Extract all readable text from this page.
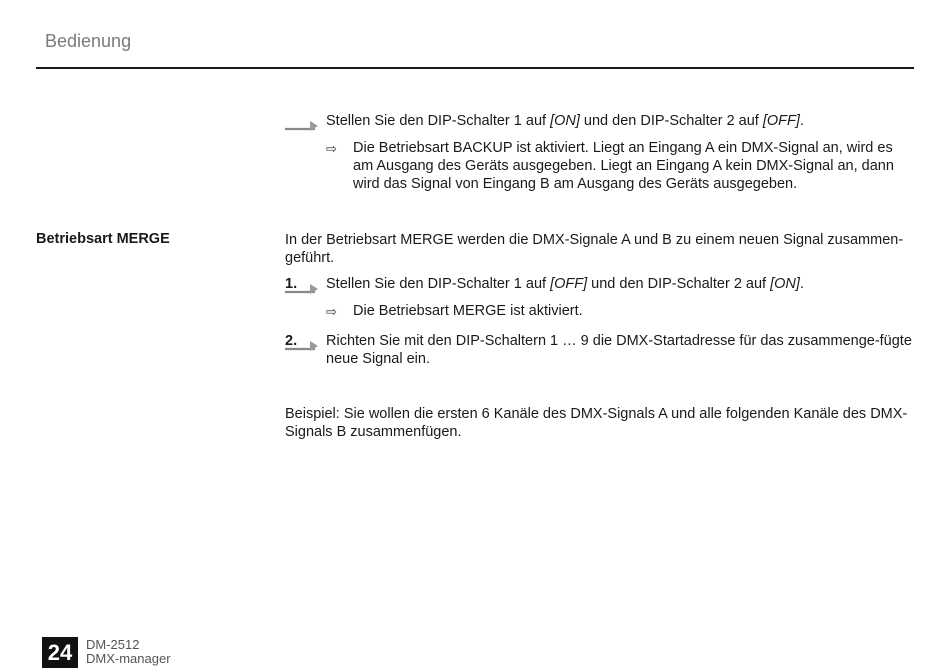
Bedienung
Stellen Sie den DIP-Schalter 1 auf [ON] und den DIP-Schalter 2 auf [OFF].
⇨ Die Betriebsart BACKUP ist aktiviert. Liegt an Eingang A ein DMX-Signal an, wird es am Ausgang des Geräts ausgegeben. Liegt an Eingang A kein DMX-Signal an, dann wird das Signal von Eingang B am Ausgang des Geräts ausgegeben.
Betriebsart MERGE	In der Betriebsart MERGE werden die DMX-Signale A und B zu einem neuen Signal zusammen-geführt.
1. Stellen Sie den DIP-Schalter 1 auf [OFF] und den DIP-Schalter 2 auf [ON].
⇨ Die Betriebsart MERGE ist aktiviert.
2. Richten Sie mit den DIP-Schaltern 1 … 9 die DMX-Startadresse für das zusammenge-fügte neue Signal ein.
Beispiel: Sie wollen die ersten 6 Kanäle des DMX-Signals A und alle folgenden Kanäle des DMX-Signals B zusammenfügen.
24	DM-2512
DMX-manager
